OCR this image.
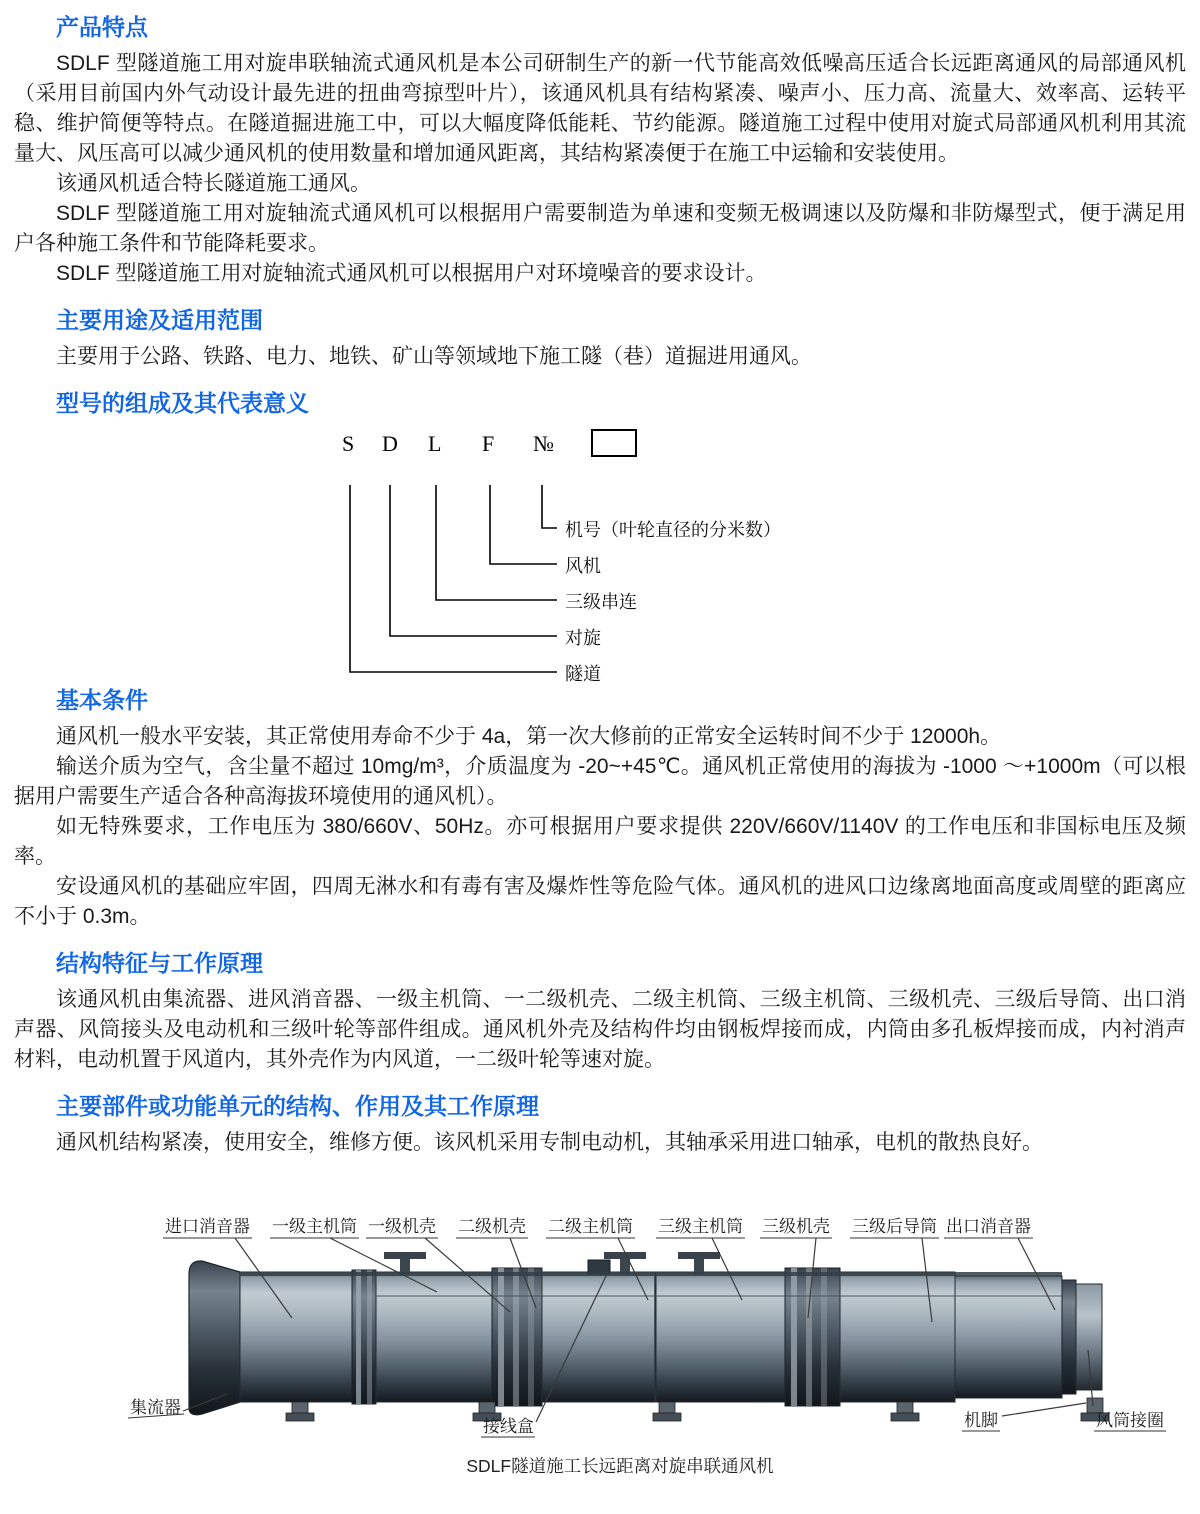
产品特点

SDLF 型隧道施工用对旋串联轴流式通风机是本公司研制生产的新一代节能高效低噪高压适合长远距离通风的局部通风机（采用目前国内外气动设计最先进的扭曲弯掠型叶片），该通风机具有结构紧凑、噪声小、压力高、流量大、效率高、运转平稳、维护简便等特点。在隧道掘进施工中，可以大幅度降低能耗、节约能源。隧道施工过程中使用对旋式局部通风机利用其流量大、风压高可以减少通风机的使用数量和增加通风距离，其结构紧凑便于在施工中运输和安装使用。

该通风机适合特长隧道施工通风。

SDLF 型隧道施工用对旋轴流式通风机可以根据用户需要制造为单速和变频无极调速以及防爆和非防爆型式，便于满足用户各种施工条件和节能降耗要求。

SDLF 型隧道施工用对旋轴流式通风机可以根据用户对环境噪音的要求设计。

主要用途及适用范围

主要用于公路、铁路、电力、地铁、矿山等领域地下施工隧（巷）道掘进用通风。

型号的组成及其代表意义
S D L F №
机号（叶轮直径的分米数）
风机
三级串连
对旋
隧道
基本条件

通风机一般水平安装，其正常使用寿命不少于 4a，第一次大修前的正常安全运转时间不少于 12000h。

输送介质为空气，含尘量不超过 10mg/m³，介质温度为 -20~+45℃。通风机正常使用的海拔为 -1000 ～+1000m（可以根据用户需要生产适合各种高海拔环境使用的通风机）。

如无特殊要求，工作电压为 380/660V、50Hz。亦可根据用户要求提供 220V/660V/1140V 的工作电压和非国标电压及频率。

安设通风机的基础应牢固，四周无淋水和有毒有害及爆炸性等危险气体。通风机的进风口边缘离地面高度或周壁的距离应不小于 0.3m。

结构特征与工作原理

该通风机由集流器、进风消音器、一级主机筒、一二级机壳、二级主机筒、三级主机筒、三级机壳、三级后导筒、出口消声器、风筒接头及电动机和三级叶轮等部件组成。通风机外壳及结构件均由钢板焊接而成，内筒由多孔板焊接而成，内衬消声材料，电动机置于风道内，其外壳作为内风道，一二级叶轮等速对旋。

主要部件或功能单元的结构、作用及其工作原理

通风机结构紧凑，使用安全，维修方便。该风机采用专制电动机，其轴承采用进口轴承，电机的散热良好。

进口消音器 一级主机筒 一级机壳 二级机壳 二级主机筒 三级主机筒 三级机壳 三级后导筒 出口消音器
集流器
接线盒	机脚	风筒接圈
SDLF隧道施工长远距离对旋串联通风机
